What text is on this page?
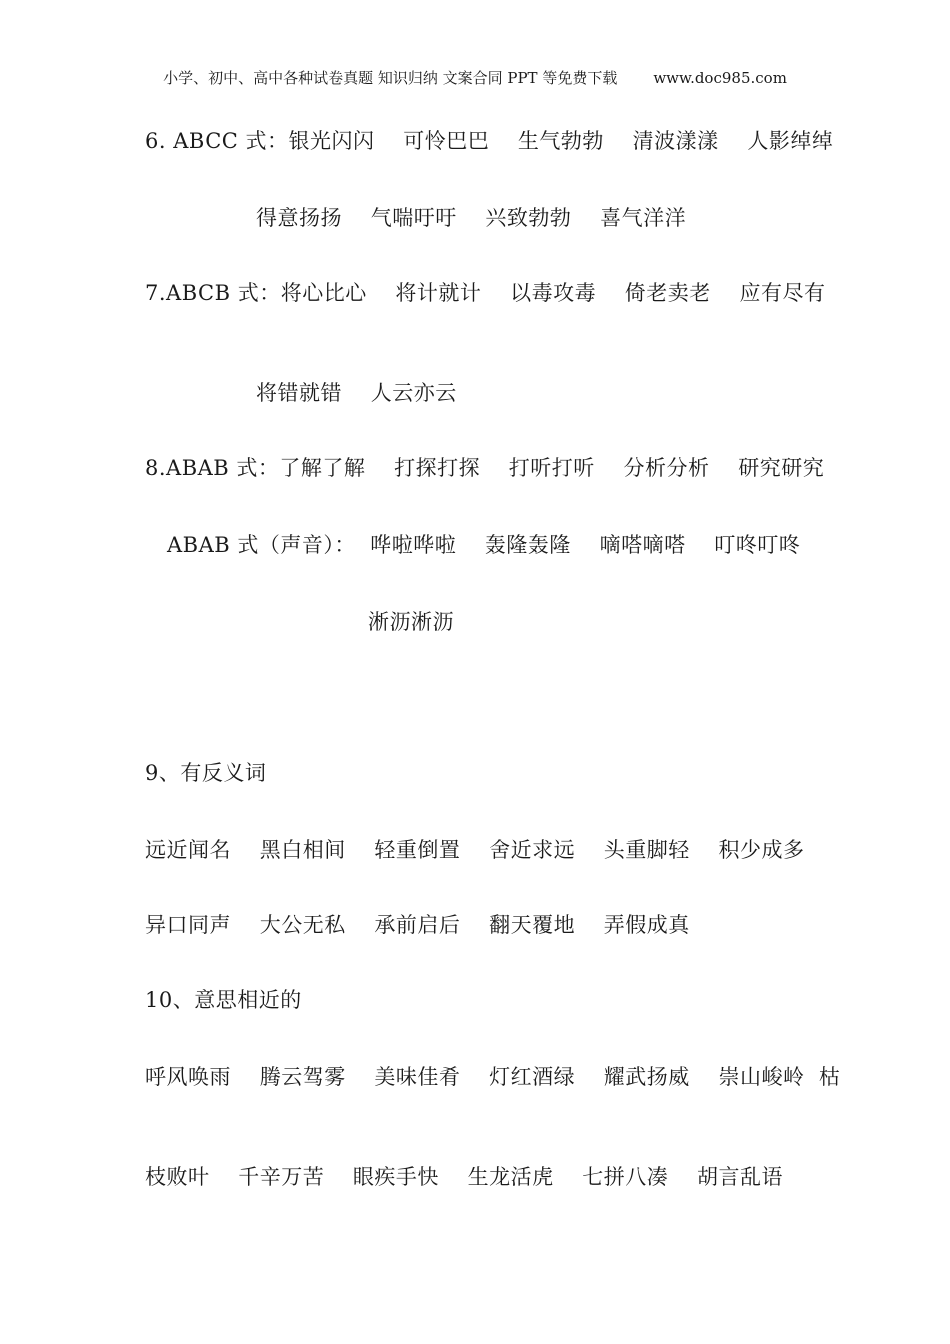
小学、初中、高中各种试卷真题 知识归纳 文案合同 PPT 等免费下载 www.doc985.com
6. ABCC 式：银光闪闪    可怜巴巴    生气勃勃    清波漾漾    人影绰绰
得意扬扬    气喘吁吁    兴致勃勃    喜气洋洋
7.ABCB 式：将心比心    将计就计    以毒攻毒    倚老卖老    应有尽有
将错就错    人云亦云
8.ABAB 式：了解了解    打探打探    打听打听    分析分析    研究研究
ABAB 式（声音）：  哗啦哗啦    轰隆轰隆    嘀嗒嘀嗒    叮咚叮咚
淅沥淅沥
9、有反义词
远近闻名    黑白相间    轻重倒置    舍近求远    头重脚轻    积少成多
异口同声    大公无私    承前启后    翻天覆地    弄假成真
10、意思相近的
呼风唤雨    腾云驾雾    美味佳肴    灯红酒绿    耀武扬威    崇山峻岭  枯
枝败叶    千辛万苦    眼疾手快    生龙活虎    七拼八凑    胡言乱语
